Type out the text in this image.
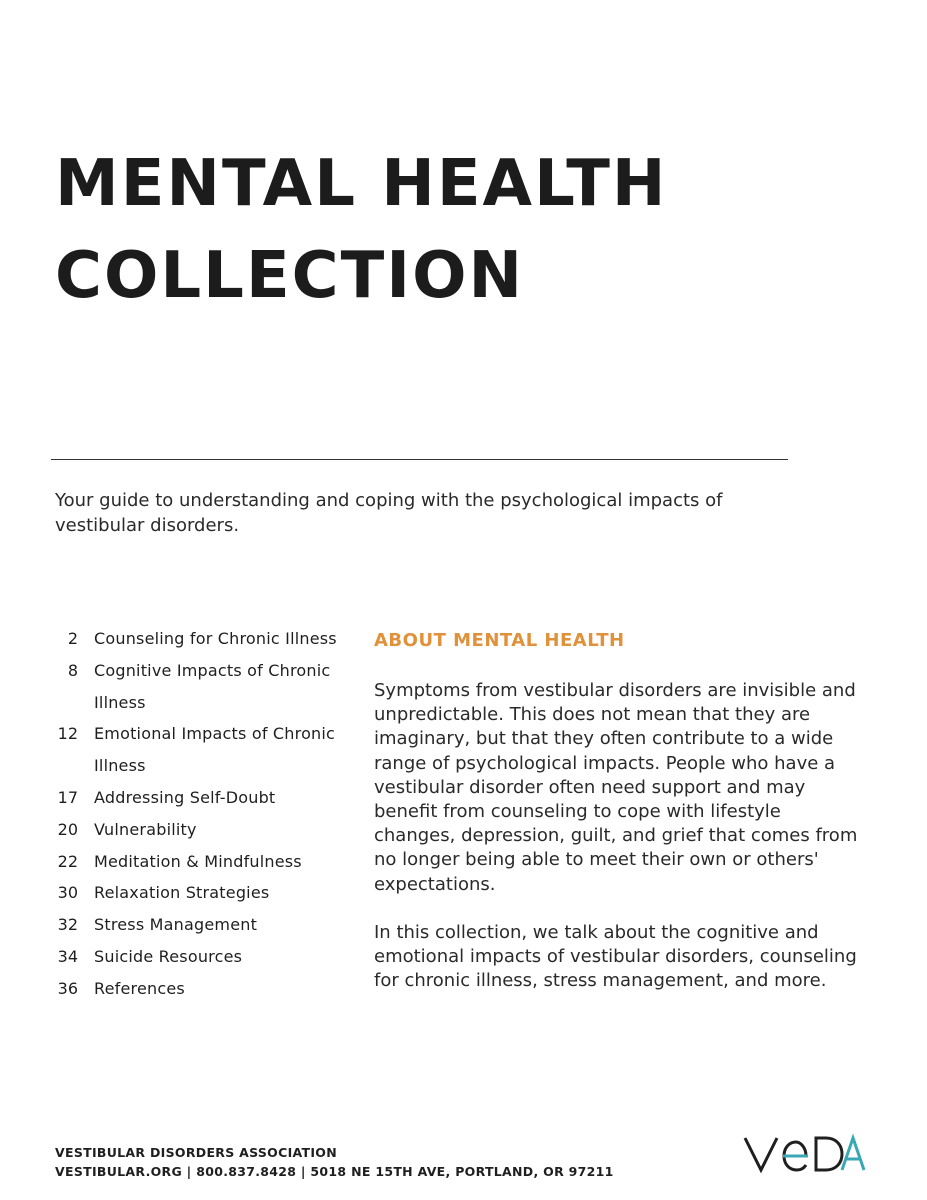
MENTAL HEALTH
COLLECTION

Your guide to understanding and coping with the psychological impacts of vestibular disorders.

2 Counseling for Chronic Illness
8 Cognitive Impacts of Chronic Illness
12 Emotional Impacts of Chronic Illness
17 Addressing Self-Doubt
20 Vulnerability
22 Meditation & Mindfulness
30 Relaxation Strategies
32 Stress Management
34 Suicide Resources
36 References
ABOUT MENTAL HEALTH

Symptoms from vestibular disorders are invisible and unpredictable. This does not mean that they are imaginary, but that they often contribute to a wide range of psychological impacts. People who have a vestibular disorder often need support and may benefit from counseling to cope with lifestyle changes, depression, guilt, and grief that comes from no longer being able to meet their own or others' expectations.

In this collection, we talk about the cognitive and emotional impacts of vestibular disorders, counseling for chronic illness, stress management, and more.

VESTIBULAR DISORDERS ASSOCIATION
VESTIBULAR.ORG | 800.837.8428 | 5018 NE 15TH AVE, PORTLAND, OR 97211
